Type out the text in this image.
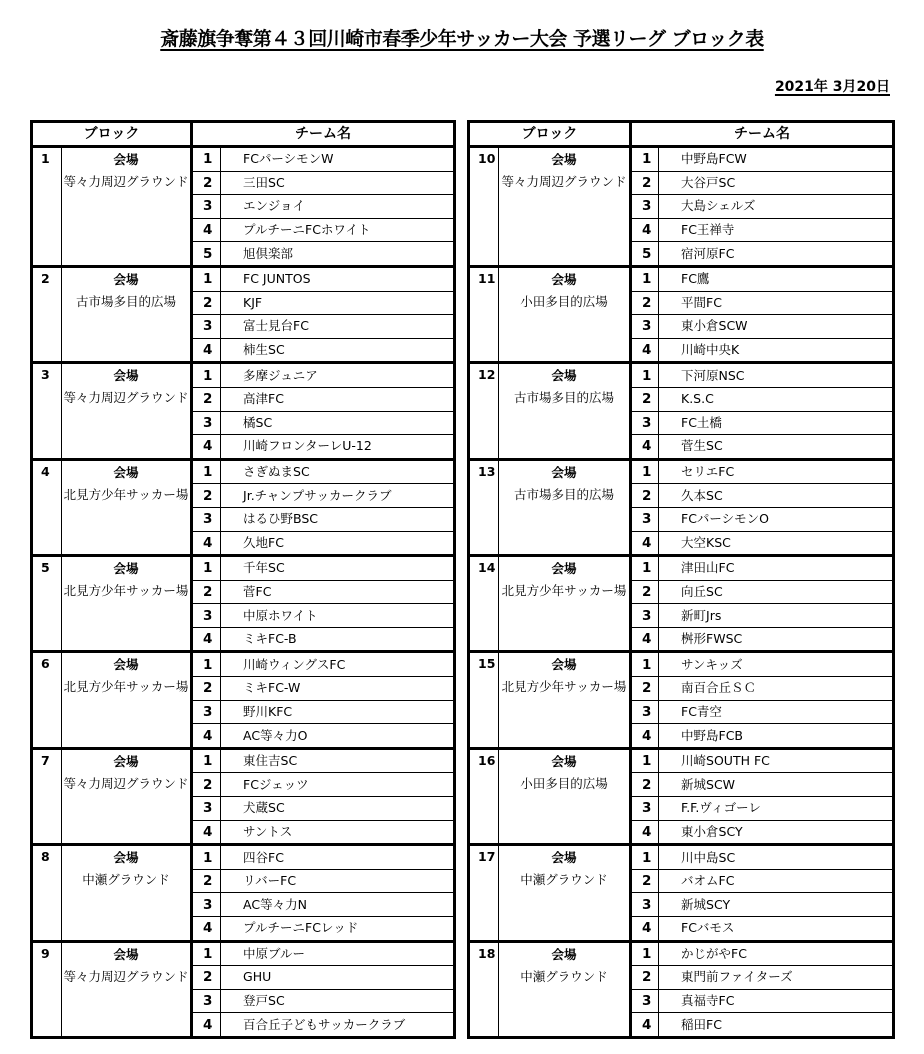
斎藤旗争奪第４３回川崎市春季少年サッカー大会 予選リーグ ブロック表
2021年 3月20日
ブロック		チーム名	
1	会場
等々力周辺グラウンド	1	FCパーシモンW
		2	三田SC
		3	エンジョイ
		4	プルチーニFCホワイト
		5	旭倶楽部
2	会場
古市場多目的広場	1	FC JUNTOS
		2	KJF
		3	富士見台FC
		4	柿生SC
3	会場
等々力周辺グラウンド	1	多摩ジュニア
		2	高津FC
		3	橘SC
		4	川崎フロンターレU-12
4	会場
北見方少年サッカー場	1	さぎぬまSC
		2	Jr.チャンプサッカークラブ
		3	はるひ野BSC
		4	久地FC
5	会場
北見方少年サッカー場	1	千年SC
		2	菅FC
		3	中原ホワイト
		4	ミキFC-B
6	会場
北見方少年サッカー場	1	川崎ウィングスFC
		2	ミキFC-W
		3	野川KFC
		4	AC等々力O
7	会場
等々力周辺グラウンド	1	東住吉SC
		2	FCジェッツ
		3	犬蔵SC
		4	サントス
8	会場
中瀬グラウンド	1	四谷FC
		2	リバーFC
		3	AC等々力N
		4	プルチーニFCレッド
9	会場
等々力周辺グラウンド	1	中原ブルー
		2	GHU
		3	登戸SC
		4	百合丘子どもサッカークラブ
ブロック		チーム名	
10	会場
等々力周辺グラウンド	1	中野島FCW
		2	大谷戸SC
		3	大島シェルズ
		4	FC王禅寺
		5	宿河原FC
11	会場
小田多目的広場	1	FC鷹
		2	平間FC
		3	東小倉SCW
		4	川崎中央K
12	会場
古市場多目的広場	1	下河原NSC
		2	K.S.C
		3	FC土橋
		4	菅生SC
13	会場
古市場多目的広場	1	セリエFC
		2	久本SC
		3	FCパーシモンO
		4	大空KSC
14	会場
北見方少年サッカー場	1	津田山FC
		2	向丘SC
		3	新町Jrs
		4	桝形FWSC
15	会場
北見方少年サッカー場	1	サンキッズ
		2	南百合丘ＳＣ
		3	FC青空
		4	中野島FCB
16	会場
小田多目的広場	1	川崎SOUTH FC
		2	新城SCW
		3	F.F.ヴィゴーレ
		4	東小倉SCY
17	会場
中瀬グラウンド	1	川中島SC
		2	バオムFC
		3	新城SCY
		4	FCバモス
18	会場
中瀬グラウンド	1	かじがやFC
		2	東門前ファイターズ
		3	真福寺FC
		4	稲田FC
